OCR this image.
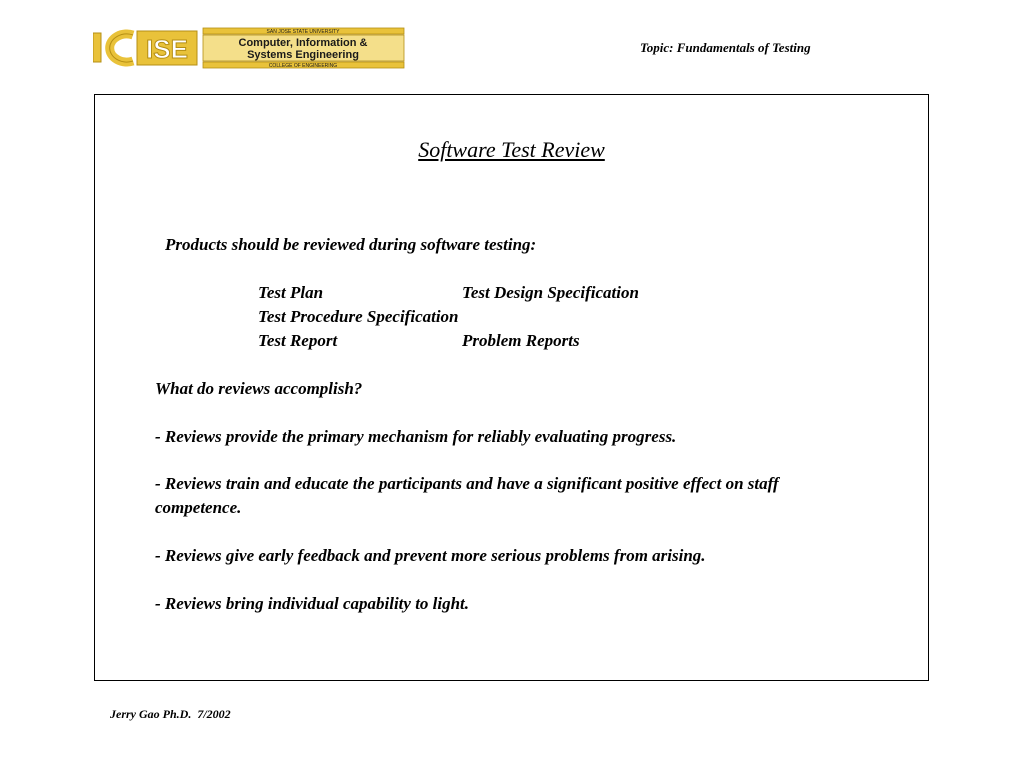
ISE
SAN JOSE STATE UNIVERSITY
COLLEGE OF ENGINEERING
Computer, Information &
Systems Engineering	Topic: Fundamentals of Testing
Software Test Review
Products should be reviewed during software testing:
Test Plan	Test Design Specification
Test Procedure Specification
Test Report	Problem Reports
What do reviews accomplish?
- Reviews provide the primary mechanism for reliably evaluating progress.
- Reviews train and educate the participants and have a significant positive effect on staff competence.
- Reviews give early feedback and prevent more serious problems from arising.
- Reviews bring individual capability to light.
Jerry Gao Ph.D.  7/2002
